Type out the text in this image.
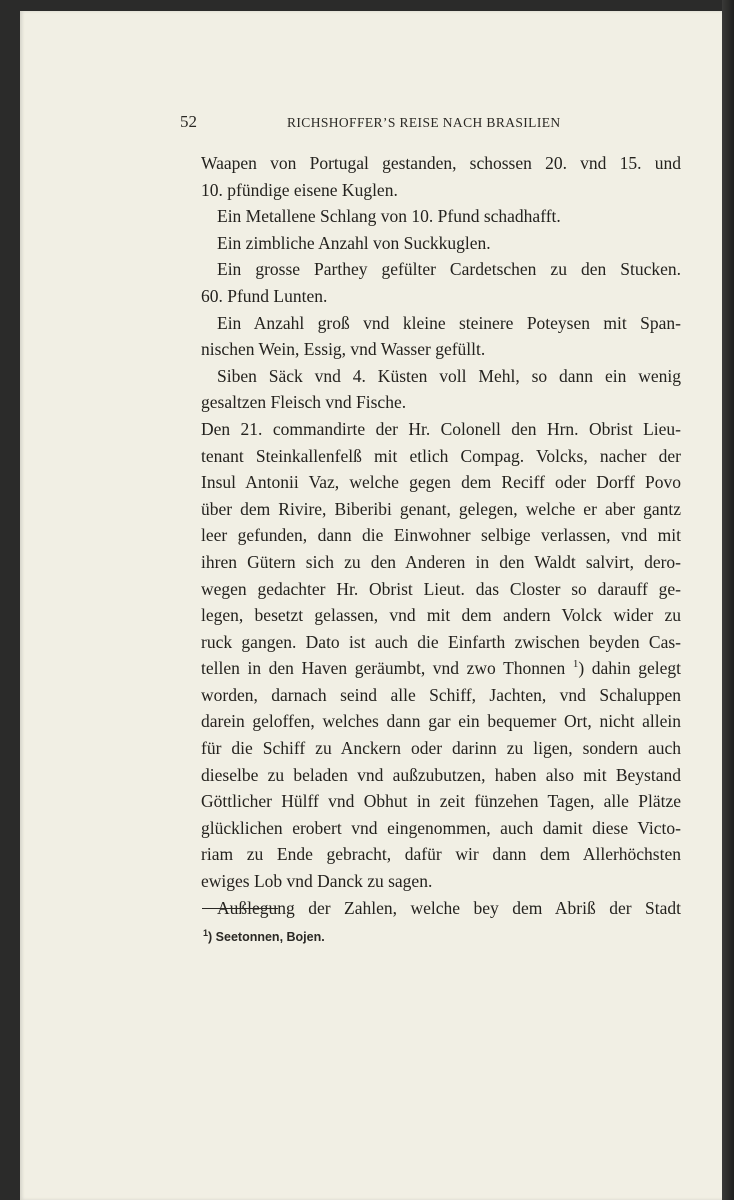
52	RICHSHOFFER’S REISE NACH BRASILIEN
Waapen von Portugal gestanden, schossen 20. vnd 15. und
10. pfündige eisene Kuglen.
Ein Metallene Schlang von 10. Pfund schadhafft.
Ein zimbliche Anzahl von Suckkuglen.
Ein grosse Parthey gefülter Cardetschen zu den Stucken.
60. Pfund Lunten.
Ein Anzahl groß vnd kleine steinere Poteysen mit Span-
nischen Wein, Essig, vnd Wasser gefüllt.
Siben Säck vnd 4. Küsten voll Mehl, so dann ein wenig
gesaltzen Fleisch vnd Fische.
Den 21. commandirte der Hr. Colonell den Hrn. Obrist Lieu-
tenant Steinkallenfelß mit etlich Compag. Volcks, nacher der
Insul Antonii Vaz, welche gegen dem Reciff oder Dorff Povo
über dem Rivire, Biberibi genant, gelegen, welche er aber gantz
leer gefunden, dann die Einwohner selbige verlassen, vnd mit
ihren Gütern sich zu den Anderen in den Waldt salvirt, dero-
wegen gedachter Hr. Obrist Lieut. das Closter so darauff ge-
legen, besetzt gelassen, vnd mit dem andern Volck wider zu
ruck gangen. Dato ist auch die Einfarth zwischen beyden Cas-
tellen in den Haven geräumbt, vnd zwo Thonnen $^1$) dahin gelegt
worden, darnach seind alle Schiff, Jachten, vnd Schaluppen
darein geloffen, welches dann gar ein bequemer Ort, nicht allein
für die Schiff zu Anckern oder darinn zu ligen, sondern auch
dieselbe zu beladen vnd außzubutzen, haben also mit Beystand
Göttlicher Hülff vnd Obhut in zeit fünzehen Tagen, alle Plätze
glücklichen erobert vnd eingenommen, auch damit diese Victo-
riam zu Ende gebracht, dafür wir dann dem Allerhöchsten
ewiges Lob vnd Danck zu sagen.
Außlegung der Zahlen, welche bey dem Abriß der Stadt
$^1$) Seetonnen, Bojen.
